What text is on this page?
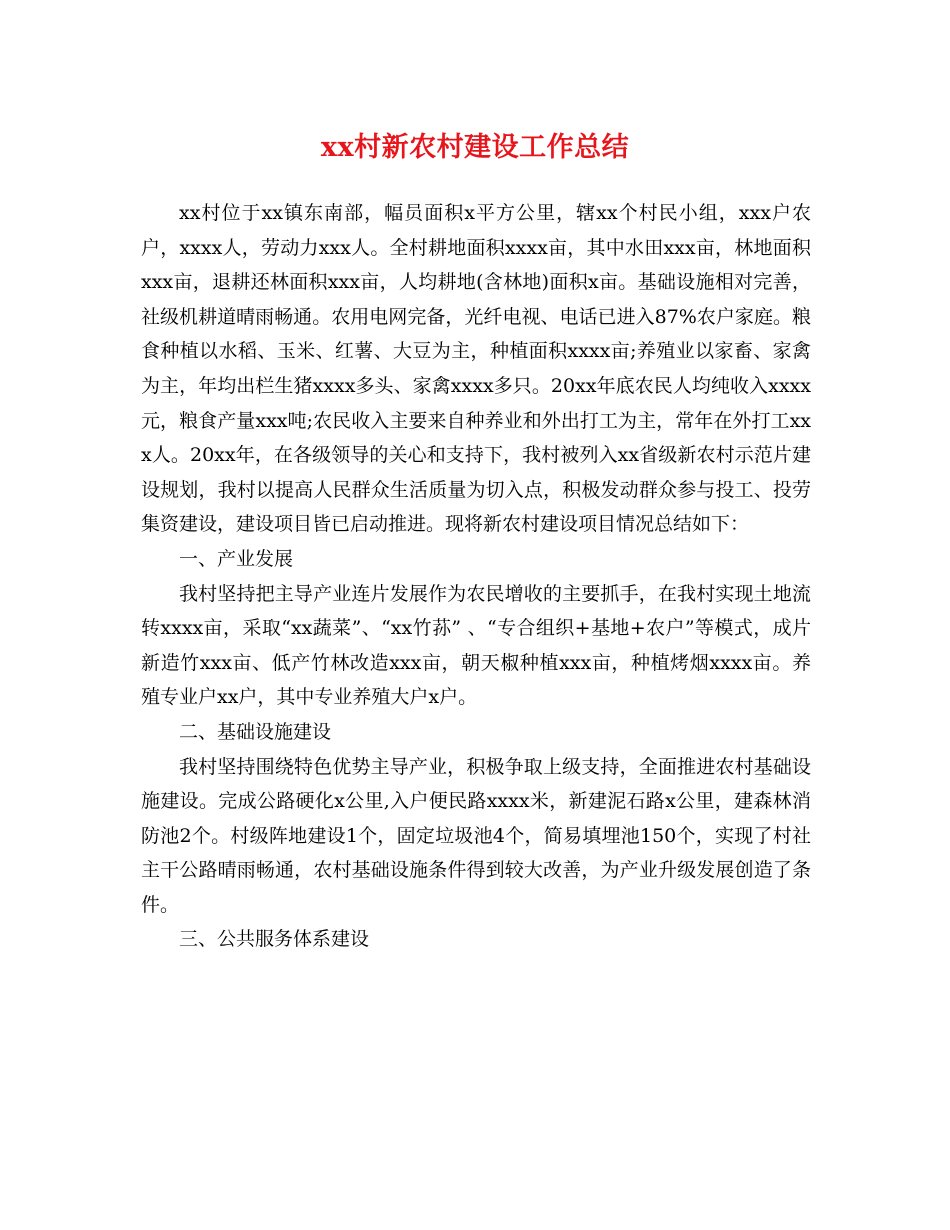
xx村新农村建设工作总结

xx村位于xx镇东南部，幅员面积x平方公里，辖xx个村民小组，xxx户农户，xxxx人，劳动力xxx人。全村耕地面积xxxx亩，其中水田xxx亩，林地面积xxx亩，退耕还林面积xxx亩，人均耕地(含林地)面积x亩。基础设施相对完善，社级机耕道晴雨畅通。农用电网完备，光纤电视、电话已进入87%农户家庭。粮食种植以水稻、玉米、红薯、大豆为主，种植面积xxxx亩;养殖业以家畜、家禽为主，年均出栏生猪xxxx多头、家禽xxxx多只。20xx年底农民人均纯收入xxxx元，粮食产量xxx吨;农民收入主要来自种养业和外出打工为主，常年在外打工xxx人。20xx年，在各级领导的关心和支持下，我村被列入xx省级新农村示范片建设规划，我村以提高人民群众生活质量为切入点，积极发动群众参与投工、投劳集资建设，建设项目皆已启动推进。现将新农村建设项目情况总结如下：

一、产业发展

我村坚持把主导产业连片发展作为农民增收的主要抓手，在我村实现土地流转xxxx亩，采取“xx蔬菜”、“xx竹荪” 、“专合组织+基地+农户”等模式，成片新造竹xxx亩、低产竹林改造xxx亩，朝天椒种植xxx亩，种植烤烟xxxx亩。养殖专业户xx户，其中专业养殖大户x户。

二、基础设施建设

我村坚持围绕特色优势主导产业，积极争取上级支持，全面推进农村基础设施建设。完成公路硬化x公里,入户便民路xxxx米，新建泥石路x公里，建森林消防池2个。村级阵地建设1个，固定垃圾池4个，简易填埋池150个，实现了村社主干公路晴雨畅通，农村基础设施条件得到较大改善，为产业升级发展创造了条件。

三、公共服务体系建设
